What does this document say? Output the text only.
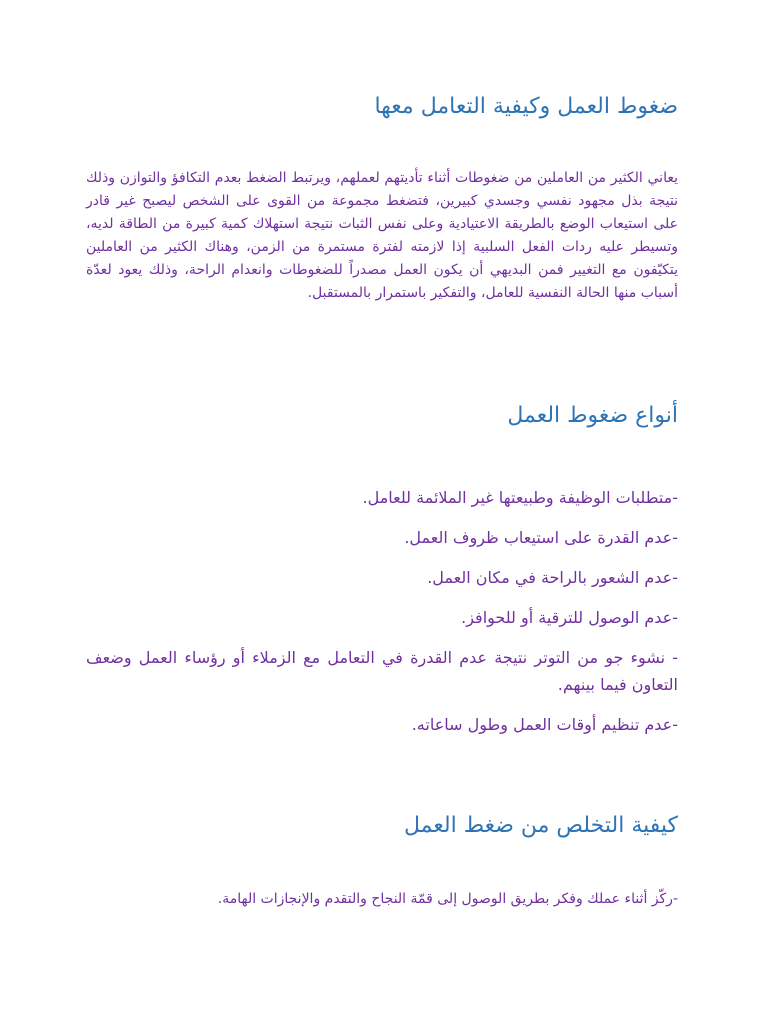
ضغوط العمل وكيفية التعامل معها

يعاني الكثير من العاملين من ضغوطات أثناء تأديتهم لعملهم، ويرتبط الضغط بعدم التكافؤ والتوازن وذلك نتيجة بذل مجهود نفسي وجسدي كبيرين، فتضغط مجموعة من القوى على الشخص ليصبح غير قادر على استيعاب الوضع بالطريقة الاعتيادية وعلى نفس الثبات نتيجة استهلاك كمية كبيرة من الطاقة لديه، وتسيطر عليه ردات الفعل السلبية إذا لازمته لفترة مستمرة من الزمن، وهناك الكثير من العاملين يتكيّفون مع التغيير فمن البديهي أن يكون العمل مصدراً للضغوطات وانعدام الراحة، وذلك يعود لعدّة أسباب منها الحالة النفسية للعامل، والتفكير باستمرار بالمستقبل.

أنواع ضغوط العمل
-متطلبات الوظيفة وطبيعتها غير الملائمة للعامل.
-عدم القدرة على استيعاب ظروف العمل.
-عدم الشعور بالراحة في مكان العمل.
-عدم الوصول للترقية أو للحوافز.
- نشوء جو من التوتر نتيجة عدم القدرة في التعامل مع الزملاء أو رؤساء العمل وضعف التعاون فيما بينهم.
-عدم تنظيم أوقات العمل وطول ساعاته.
كيفية التخلص من ضغط العمل

-ركّز أثناء عملك وفكر بطريق الوصول إلى قمّة النجاح والتقدم والإنجازات الهامة.
